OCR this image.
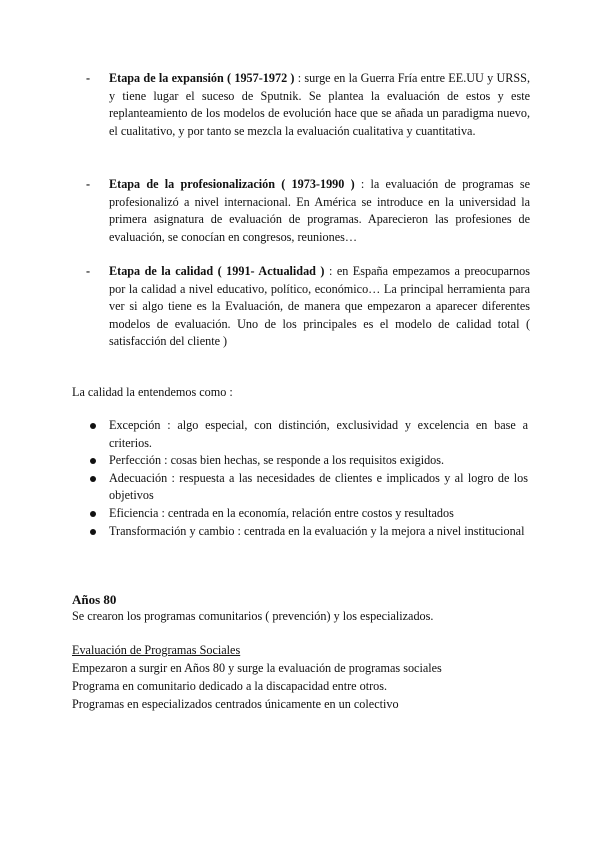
- Etapa de la expansión ( 1957-1972 ) : surge en la Guerra Fría entre EE.UU y URSS, y tiene lugar el suceso de Sputnik. Se plantea la evaluación de estos y este replanteamiento de los modelos de evolución hace que se añada un paradigma nuevo, el cualitativo, y por tanto se mezcla la evaluación cualitativa y cuantitativa.

- Etapa de la profesionalización ( 1973-1990 ) : la evaluación de programas se profesionalizó a nivel internacional. En América se introduce en la universidad la primera asignatura de evaluación de programas. Aparecieron las profesiones de evaluación, se conocían en congresos, reuniones…

- Etapa de la calidad ( 1991- Actualidad ) : en España empezamos a preocuparnos por la calidad a nivel educativo, político, económico… La principal herramienta para ver si algo tiene es la Evaluación, de manera que empezaron a aparecer diferentes modelos de evaluación. Uno de los principales es el modelo de calidad total ( satisfacción del cliente )

La calidad la entendemos como :

Excepción : algo especial, con distinción, exclusividad y excelencia en base a criterios.
Perfección : cosas bien hechas, se responde a los requisitos exigidos.
Adecuación : respuesta a las necesidades de clientes e implicados y al logro de los objetivos
Eficiencia : centrada en la economía, relación entre costos y resultados
Transformación y cambio : centrada en la evaluación y la mejora a nivel institucional

Años 80

Se crearon los programas comunitarios ( prevención) y los especializados.

Evaluación de Programas Sociales

Empezaron a surgir en Años 80 y surge la evaluación de programas sociales

Programa en comunitario dedicado a la discapacidad entre otros.

Programas en especializados centrados únicamente en un colectivo
